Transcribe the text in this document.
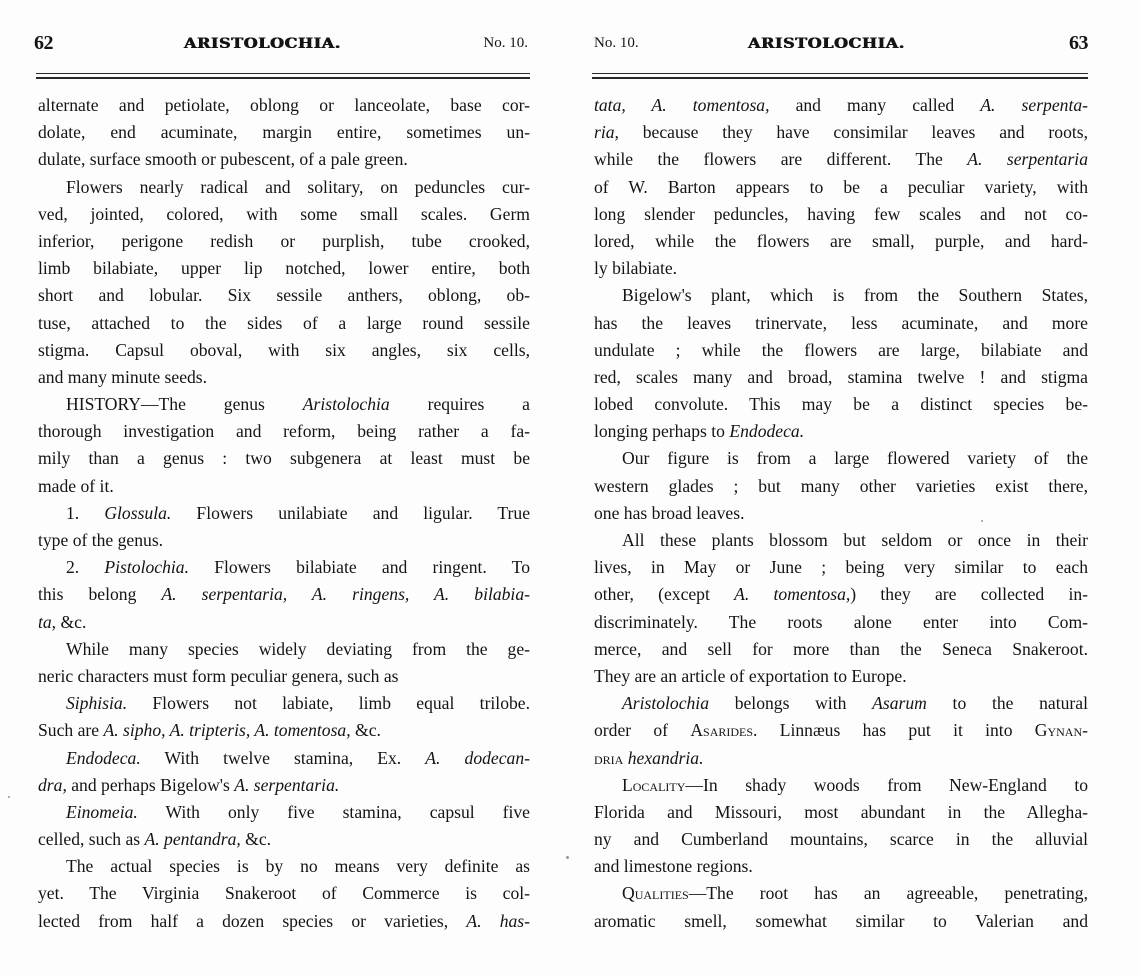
62	ARISTOLOCHIA.	No. 10.
alternate and petiolate, oblong or lanceolate, base cor-
dolate, end acuminate, margin entire, sometimes un-
dulate, surface smooth or pubescent, of a pale green.
Flowers nearly radical and solitary, on peduncles cur-
ved, jointed, colored, with some small scales. Germ
inferior, perigone redish or purplish, tube crooked,
limb bilabiate, upper lip notched, lower entire, both
short and lobular. Six sessile anthers, oblong, ob-
tuse, attached to the sides of a large round sessile
stigma. Capsul oboval, with six angles, six cells,
and many minute seeds.
HISTORY—The genus Aristolochia requires a
thorough investigation and reform, being rather a fa-
mily than a genus : two subgenera at least must be
made of it.
1. Glossula. Flowers unilabiate and ligular. True
type of the genus.
2. Pistolochia. Flowers bilabiate and ringent. To
this belong A. serpentaria, A. ringens, A. bilabia-
ta, &c.
While many species widely deviating from the ge-
neric characters must form peculiar genera, such as
Siphisia. Flowers not labiate, limb equal trilobe.
Such are A. sipho, A. tripteris, A. tomentosa, &c.
Endodeca. With twelve stamina, Ex. A. dodecan-
dra, and perhaps Bigelow's A. serpentaria.
Einomeia. With only five stamina, capsul five
celled, such as A. pentandra, &c.
The actual species is by no means very definite as
yet. The Virginia Snakeroot of Commerce is col-
lected from half a dozen species or varieties, A. has-
No. 10.	ARISTOLOCHIA.	63
tata, A. tomentosa, and many called A. serpenta-
ria, because they have consimilar leaves and roots,
while the flowers are different. The A. serpentaria
of W. Barton appears to be a peculiar variety, with
long slender peduncles, having few scales and not co-
lored, while the flowers are small, purple, and hard-
ly bilabiate.
Bigelow's plant, which is from the Southern States,
has the leaves trinervate, less acuminate, and more
undulate ; while the flowers are large, bilabiate and
red, scales many and broad, stamina twelve ! and stigma
lobed convolute. This may be a distinct species be-
longing perhaps to Endodeca.
Our figure is from a large flowered variety of the
western glades ; but many other varieties exist there,
one has broad leaves.
All these plants blossom but seldom or once in their
lives, in May or June ; being very similar to each
other, (except A. tomentosa,) they are collected in-
discriminately. The roots alone enter into Com-
merce, and sell for more than the Seneca Snakeroot.
They are an article of exportation to Europe.
Aristolochia belongs with Asarum to the natural
order of Asarides. Linnæus has put it into Gynan-
dria hexandria.
Locality—In shady woods from New-England to
Florida and Missouri, most abundant in the Allegha-
ny and Cumberland mountains, scarce in the alluvial
and limestone regions.
Qualities—The root has an agreeable, penetrating,
aromatic smell, somewhat similar to Valerian and
